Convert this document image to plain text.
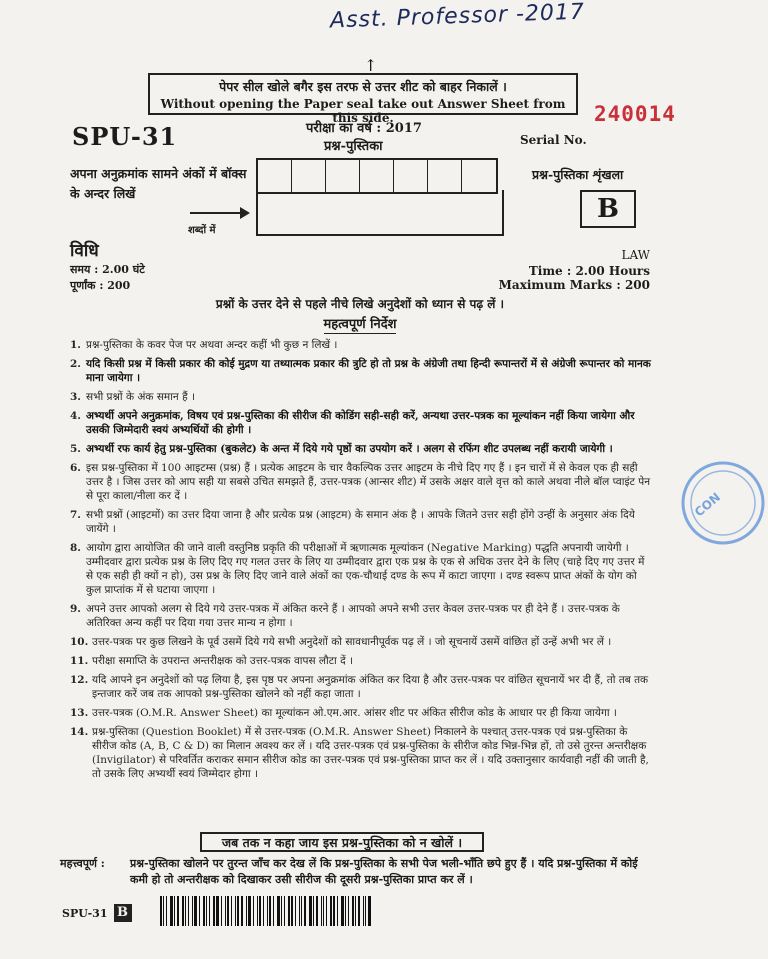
Asst. Professor -2017
↑
पेपर सील खोले बगैर इस तरफ से उत्तर शीट को बाहर निकालें ।
Without opening the Paper seal take out Answer Sheet from this side.	240014
SPU-31	परीक्षा का वर्ष : 2017
प्रश्न-पुस्तिका	Serial No.
अपना अनुक्रमांक सामने अंकों में बॉक्स के अन्दर लिखें
शब्दों में
प्रश्न-पुस्तिका शृंखला
B
विधि
समय : 2.00 घंटे
पूर्णांक : 200
LAW
Time : 2.00 Hours
Maximum Marks : 200
प्रश्नों के उत्तर देने से पहले नीचे लिखे अनुदेशों को ध्यान से पढ़ लें ।
महत्वपूर्ण निर्देश
1. प्रश्न-पुस्तिका के कवर पेज पर अथवा अन्दर कहीं भी कुछ न लिखें ।
2. यदि किसी प्रश्न में किसी प्रकार की कोई मुद्रण या तथ्यात्मक प्रकार की त्रुटि हो तो प्रश्न के अंग्रेजी तथा हिन्दी रूपान्तरों में से अंग्रेजी रूपान्तर को मानक माना जायेगा ।
3. सभी प्रश्नों के अंक समान हैं ।
4. अभ्यर्थी अपने अनुक्रमांक, विषय एवं प्रश्न-पुस्तिका की सीरीज की कोडिंग सही-सही करें, अन्यथा उत्तर-पत्रक का मूल्यांकन नहीं किया जायेगा और उसकी जिम्मेदारी स्वयं अभ्यर्थियों की होगी ।
5. अभ्यर्थी रफ कार्य हेतु प्रश्न-पुस्तिका (बुकलेट) के अन्त में दिये गये पृष्ठों का उपयोग करें । अलग से रफिंग शीट उपलब्ध नहीं करायी जायेगी ।
6. इस प्रश्न-पुस्तिका में 100 आइटम्स (प्रश्न) हैं । प्रत्येक आइटम के चार वैकल्पिक उत्तर आइटम के नीचे दिए गए हैं । इन चारों में से केवल एक ही सही उत्तर है । जिस उत्तर को आप सही या सबसे उचित समझते हैं, उत्तर-पत्रक (आन्सर शीट) में उसके अक्षर वाले वृत्त को काले अथवा नीले बॉल प्वाइंट पेन से पूरा काला/नीला कर दें ।
7. सभी प्रश्नों (आइटमों) का उत्तर दिया जाना है और प्रत्येक प्रश्न (आइटम) के समान अंक है । आपके जितने उत्तर सही होंगे उन्हीं के अनुसार अंक दिये जायेंगे ।
8. आयोग द्वारा आयोजित की जाने वाली वस्तुनिष्ठ प्रकृति की परीक्षाओं में ऋणात्मक मूल्यांकन (Negative Marking) पद्धति अपनायी जायेगी । उम्मीदवार द्वारा प्रत्येक प्रश्न के लिए दिए गए गलत उत्तर के लिए या उम्मीदवार द्वारा एक प्रश्न के एक से अधिक उत्तर देने के लिए (चाहे दिए गए उत्तर में से एक सही ही क्यों न हो), उस प्रश्न के लिए दिए जाने वाले अंकों का एक-चौथाई दण्ड के रूप में काटा जाएगा । दण्ड स्वरूप प्राप्त अंकों के योग को कुल प्राप्तांक में से घटाया जाएगा ।
9. अपने उत्तर आपको अलग से दिये गये उत्तर-पत्रक में अंकित करने हैं । आपको अपने सभी उत्तर केवल उत्तर-पत्रक पर ही देने हैं । उत्तर-पत्रक के अतिरिक्त अन्य कहीं पर दिया गया उत्तर मान्य न होगा ।
10. उत्तर-पत्रक पर कुछ लिखने के पूर्व उसमें दिये गये सभी अनुदेशों को सावधानीपूर्वक पढ़ लें । जो सूचनायें उसमें वांछित हों उन्हें अभी भर लें ।
11. परीक्षा समाप्ति के उपरान्त अन्तरीक्षक को उत्तर-पत्रक वापस लौटा दें ।
12. यदि आपने इन अनुदेशों को पढ़ लिया है, इस पृष्ठ पर अपना अनुक्रमांक अंकित कर दिया है और उत्तर-पत्रक पर वांछित सूचनायें भर दी हैं, तो तब तक इन्तजार करें जब तक आपको प्रश्न-पुस्तिका खोलने को नहीं कहा जाता ।
13. उत्तर-पत्रक (O.M.R. Answer Sheet) का मूल्यांकन ओ.एम.आर. आंसर शीट पर अंकित सीरीज कोड के आधार पर ही किया जायेगा ।
14. प्रश्न-पुस्तिका (Question Booklet) में से उत्तर-पत्रक (O.M.R. Answer Sheet) निकालने के पश्चात् उत्तर-पत्रक एवं प्रश्न-पुस्तिका के सीरीज कोड (A, B, C & D) का मिलान अवश्य कर लें । यदि उत्तर-पत्रक एवं प्रश्न-पुस्तिका के सीरीज कोड भिन्न-भिन्न हों, तो उसे तुरन्त अन्तरीक्षक (Invigilator) से परिवर्तित कराकर समान सीरीज कोड का उत्तर-पत्रक एवं प्रश्न-पुस्तिका प्राप्त कर लें । यदि उक्तानुसार कार्यवाही नहीं की जाती है, तो उसके लिए अभ्यर्थी स्वयं जिम्मेदार होगा ।
जब तक न कहा जाय इस प्रश्न-पुस्तिका को न खोलें ।
महत्त्वपूर्ण : प्रश्न-पुस्तिका खोलने पर तुरन्त जाँच कर देख लें कि प्रश्न-पुस्तिका के सभी पेज भली-भाँति छपे हुए हैं । यदि प्रश्न-पुस्तिका में कोई कमी हो तो अन्तरीक्षक को दिखाकर उसी सीरीज की दूसरी प्रश्न-पुस्तिका प्राप्त कर लें ।
SPU-31 B
CON
